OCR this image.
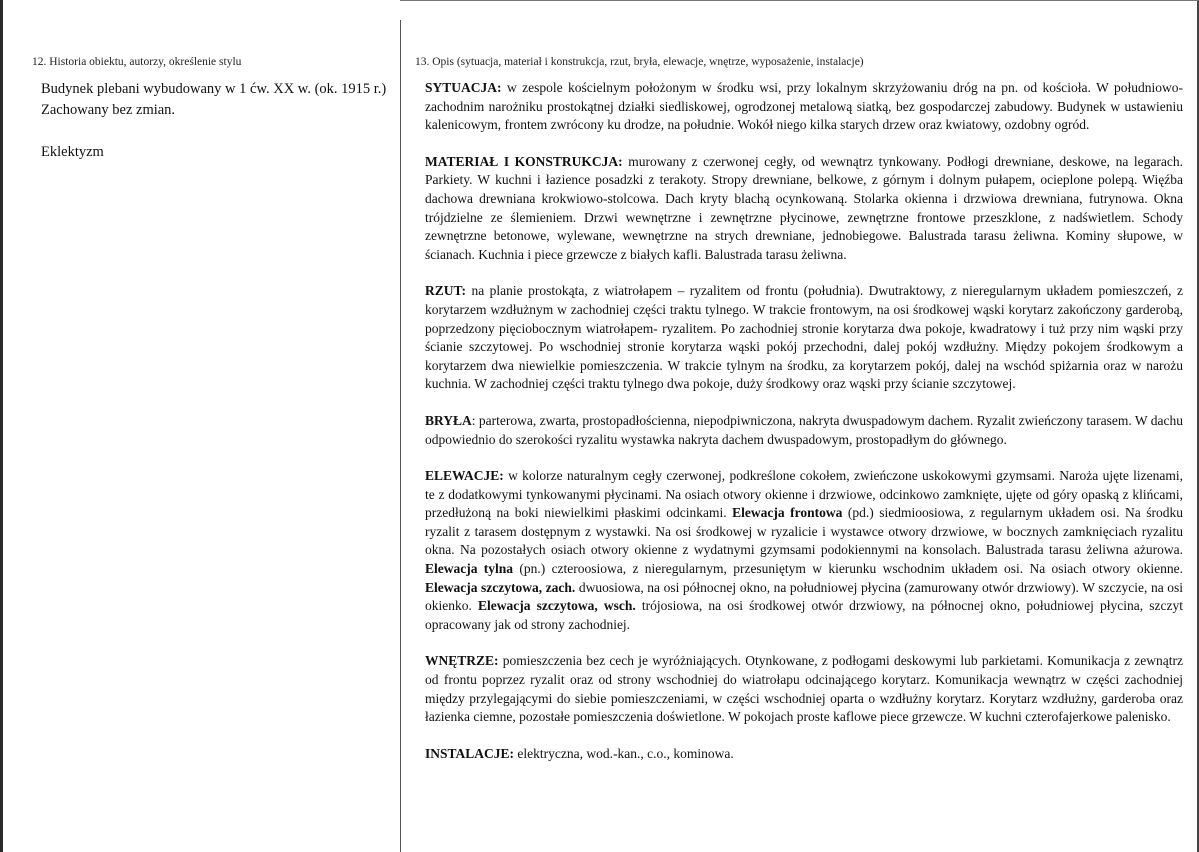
12. Historia obiektu, autorzy, określenie stylu

Budynek plebani wybudowany w 1 ćw. XX w. (ok. 1915 r.) Zachowany bez zmian.

Eklektyzm

13. Opis (sytuacja, materiał i konstrukcja, rzut, bryła, elewacje, wnętrze, wyposażenie, instalacje)

SYTUACJA: w zespole kościelnym położonym w środku wsi, przy lokalnym skrzyżowaniu dróg na pn. od kościoła. W południowo-zachodnim narożniku prostokątnej działki siedliskowej, ogrodzonej metalową siatką, bez gospodarczej zabudowy. Budynek w ustawieniu kalenicowym, frontem zwrócony ku drodze, na południe. Wokół niego kilka starych drzew oraz kwiatowy, ozdobny ogród.

MATERIAŁ I KONSTRUKCJA: murowany z czerwonej cegły, od wewnątrz tynkowany. Podłogi drewniane, deskowe, na legarach. Parkiety. W kuchni i łazience posadzki z terakoty. Stropy drewniane, belkowe, z górnym i dolnym pułapem, ocieplone polepą. Więźba dachowa drewniana krokwiowo-stolcowa. Dach kryty blachą ocynkowaną. Stolarka okienna i drzwiowa drewniana, futrynowa. Okna trójdzielne ze ślemieniem. Drzwi wewnętrzne i zewnętrzne płycinowe, zewnętrzne frontowe przeszklone, z nadświetlem. Schody zewnętrzne betonowe, wylewane, wewnętrzne na strych drewniane, jednobiegowe. Balustrada tarasu żeliwna. Kominy słupowe, w ścianach. Kuchnia i piece grzewcze z białych kafli. Balustrada tarasu żeliwna.

RZUT: na planie prostokąta, z wiatrołapem – ryzalitem od frontu (południa). Dwutraktowy, z nieregularnym układem pomieszczeń, z korytarzem wzdłużnym w zachodniej części traktu tylnego. W trakcie frontowym, na osi środkowej wąski korytarz zakończony garderobą, poprzedzony pięciobocznym wiatrołapem- ryzalitem. Po zachodniej stronie korytarza dwa pokoje, kwadratowy i tuż przy nim wąski przy ścianie szczytowej. Po wschodniej stronie korytarza wąski pokój przechodni, dalej pokój wzdłużny. Między pokojem środkowym a korytarzem dwa niewielkie pomieszczenia. W trakcie tylnym na środku, za korytarzem pokój, dalej na wschód spiżarnia oraz w narożu kuchnia. W zachodniej części traktu tylnego dwa pokoje, duży środkowy oraz wąski przy ścianie szczytowej.

BRYŁA: parterowa, zwarta, prostopadłościenna, niepodpiwniczona, nakryta dwuspadowym dachem. Ryzalit zwieńczony tarasem. W dachu odpowiednio do szerokości ryzalitu wystawka nakryta dachem dwuspadowym, prostopadłym do głównego.

ELEWACJE: w kolorze naturalnym cegły czerwonej, podkreślone cokołem, zwieńczone uskokowymi gzymsami. Naroża ujęte lizenami, te z dodatkowymi tynkowanymi płycinami. Na osiach otwory okienne i drzwiowe, odcinkowo zamknięte, ujęte od góry opaską z klińcami, przedłużoną na boki niewielkimi płaskimi odcinkami. Elewacja frontowa (pd.) siedmioosiowa, z regularnym układem osi. Na środku ryzalit z tarasem dostępnym z wystawki. Na osi środkowej w ryzalicie i wystawce otwory drzwiowe, w bocznych zamknięciach ryzalitu okna. Na pozostałych osiach otwory okienne z wydatnymi gzymsami podokiennymi na konsolach. Balustrada tarasu żeliwna ażurowa. Elewacja tylna (pn.) czteroosiowa, z nieregularnym, przesuniętym w kierunku wschodnim układem osi. Na osiach otwory okienne. Elewacja szczytowa, zach. dwuosiowa, na osi północnej okno, na południowej płycina (zamurowany otwór drzwiowy). W szczycie, na osi okienko. Elewacja szczytowa, wsch. trójosiowa, na osi środkowej otwór drzwiowy, na północnej okno, południowej płycina, szczyt opracowany jak od strony zachodniej.

WNĘTRZE: pomieszczenia bez cech je wyróżniających. Otynkowane, z podłogami deskowymi lub parkietami. Komunikacja z zewnątrz od frontu poprzez ryzalit oraz od strony wschodniej do wiatrołapu odcinającego korytarz. Komunikacja wewnątrz w części zachodniej między przylegającymi do siebie pomieszczeniami, w części wschodniej oparta o wzdłużny korytarz. Korytarz wzdłużny, garderoba oraz łazienka ciemne, pozostałe pomieszczenia doświetlone. W pokojach proste kaflowe piece grzewcze. W kuchni czterofajerkowe palenisko.

INSTALACJE: elektryczna, wod.-kan., c.o., kominowa.
